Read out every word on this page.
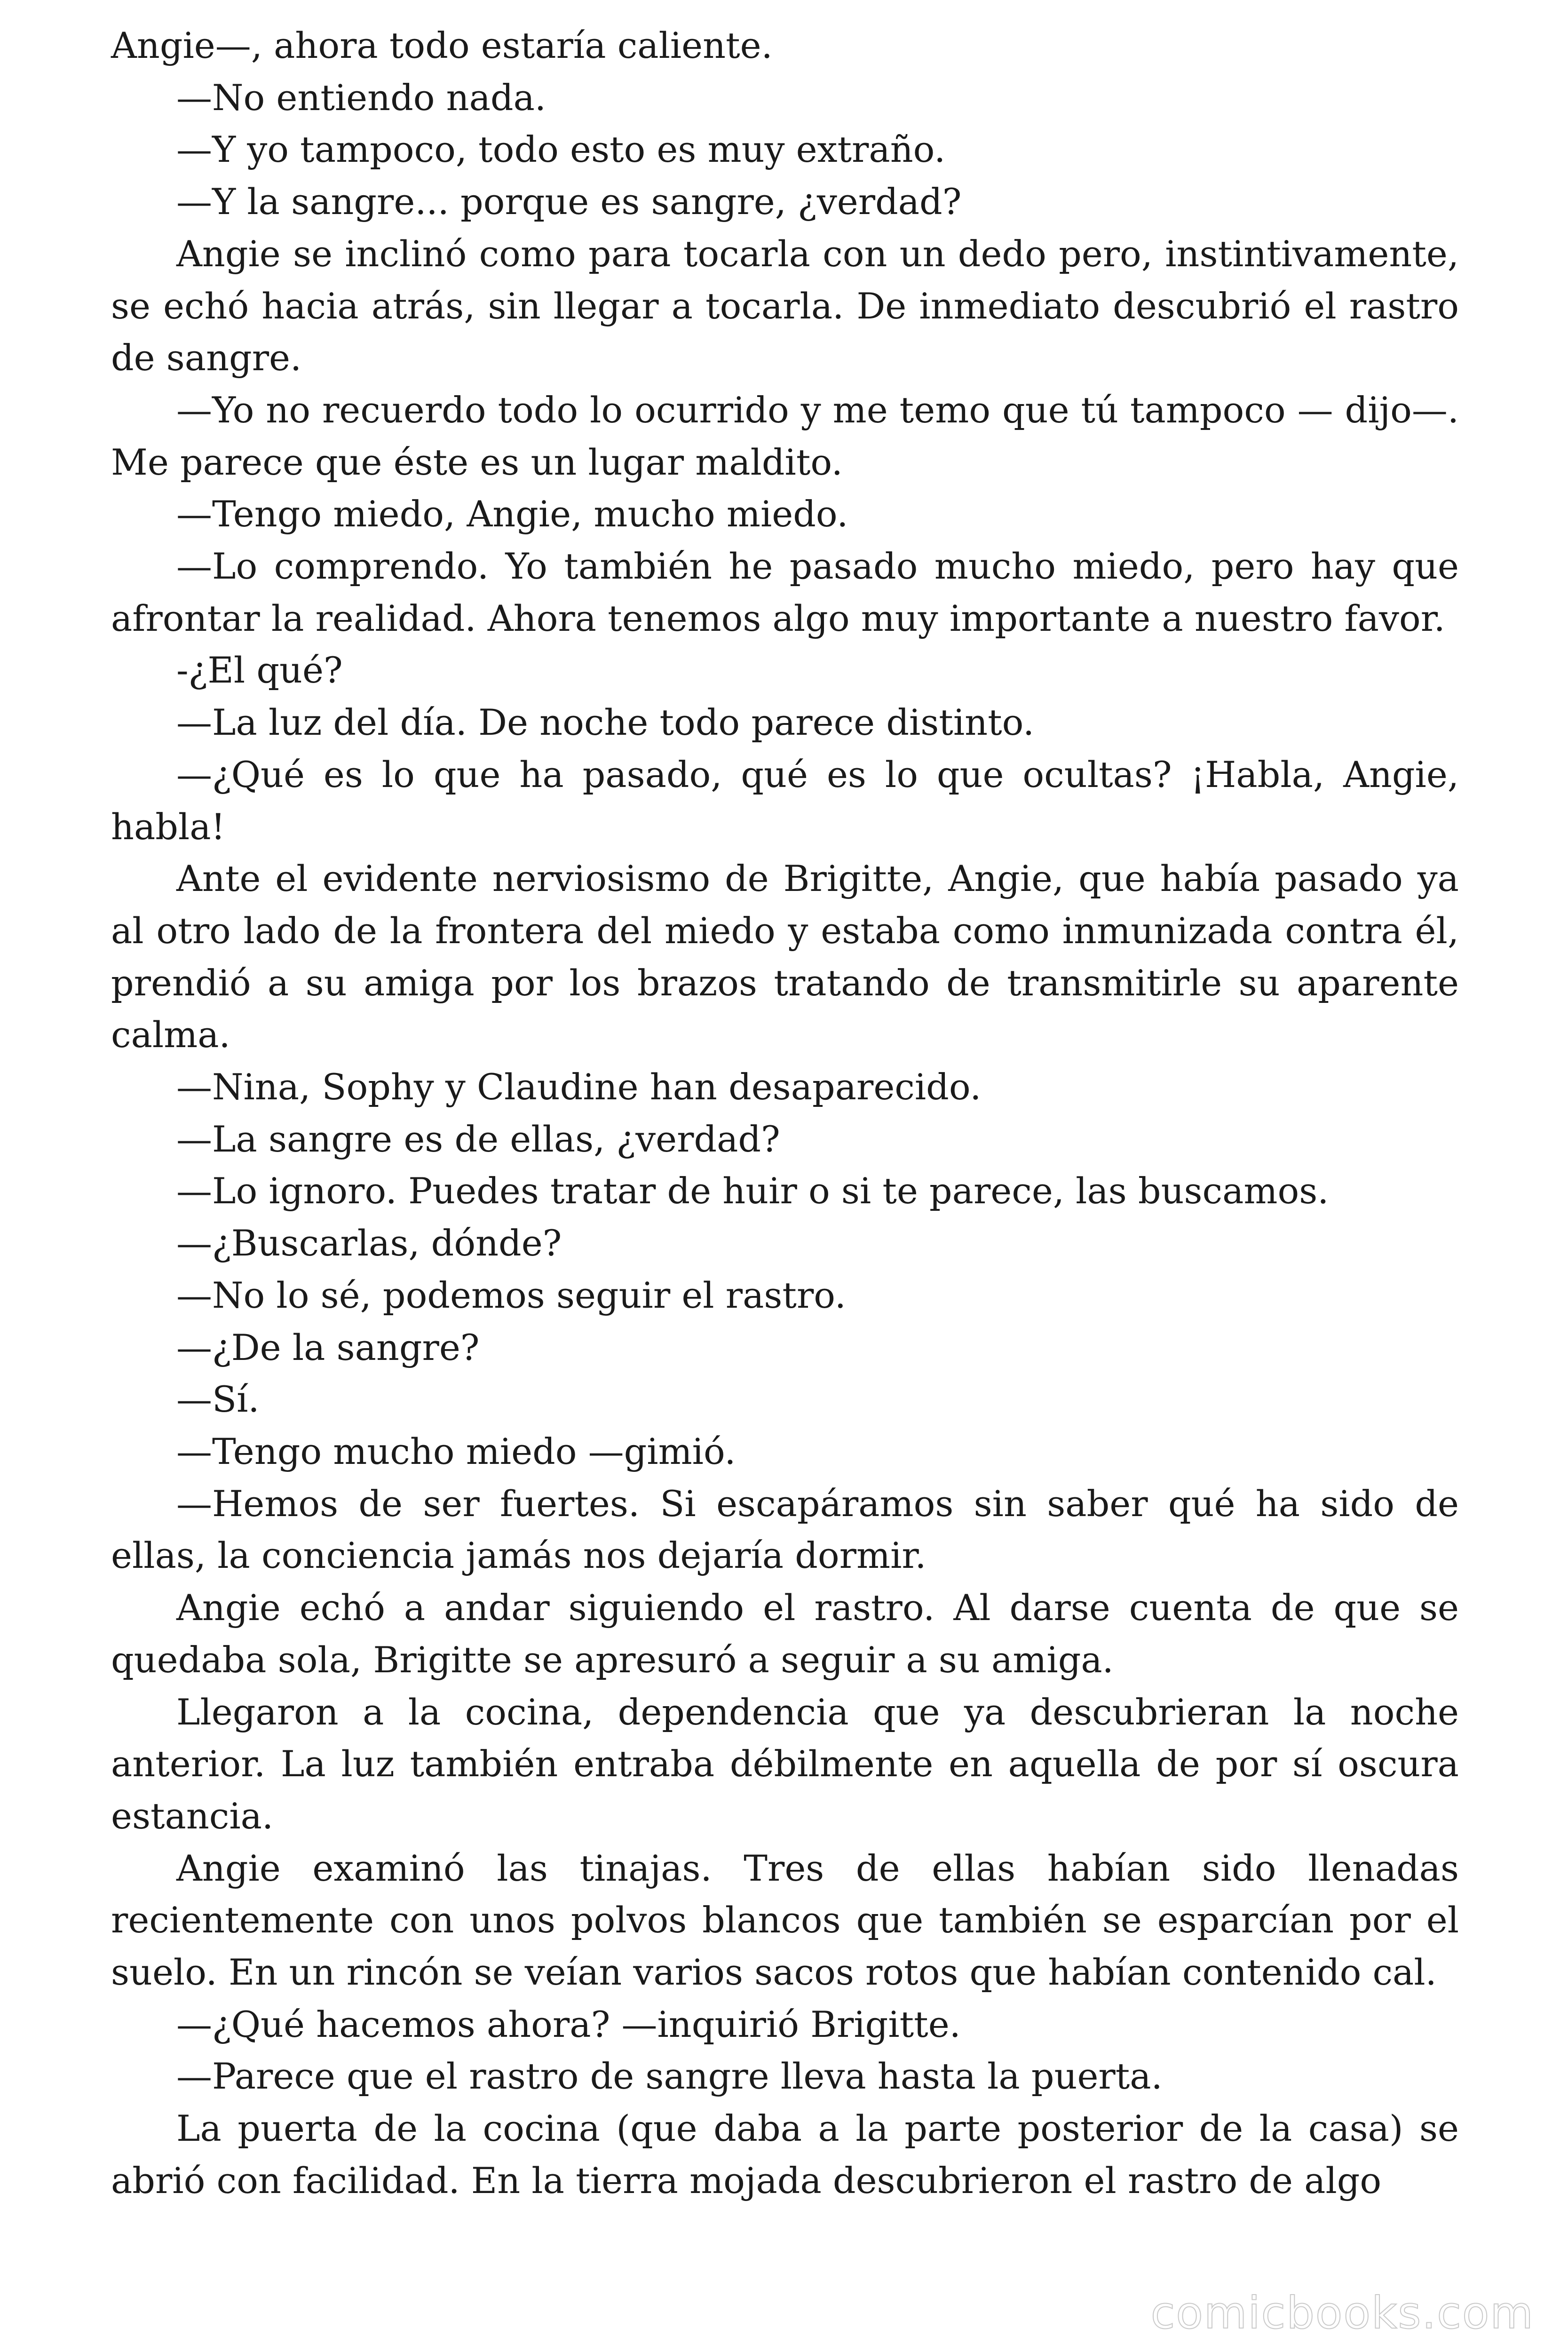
Angie—, ahora todo estaría caliente.

—No entiendo nada.

—Y yo tampoco, todo esto es muy extraño.

—Y la sangre... porque es sangre, ¿verdad?

Angie se inclinó como para tocarla con un dedo pero, instintivamente, se echó hacia atrás, sin llegar a tocarla. De inmediato descubrió el rastro de sangre.

—Yo no recuerdo todo lo ocurrido y me temo que tú tampoco — dijo—. Me parece que éste es un lugar maldito.

—Tengo miedo, Angie, mucho miedo.

—Lo comprendo. Yo también he pasado mucho miedo, pero hay que afrontar la realidad. Ahora tenemos algo muy importante a nuestro favor.

-¿El qué?

—La luz del día. De noche todo parece distinto.

—¿Qué es lo que ha pasado, qué es lo que ocultas? ¡Habla, Angie, habla!

Ante el evidente nerviosismo de Brigitte, Angie, que había pasado ya al otro lado de la frontera del miedo y estaba como inmunizada contra él, prendió a su amiga por los brazos tratando de transmitirle su aparente calma.

—Nina, Sophy y Claudine han desaparecido.

—La sangre es de ellas, ¿verdad?

—Lo ignoro. Puedes tratar de huir o si te parece, las buscamos.

—¿Buscarlas, dónde?

—No lo sé, podemos seguir el rastro.

—¿De la sangre?

—Sí.

—Tengo mucho miedo —gimió.

—Hemos de ser fuertes. Si escapáramos sin saber qué ha sido de ellas, la conciencia jamás nos dejaría dormir.

Angie echó a andar siguiendo el rastro. Al darse cuenta de que se quedaba sola, Brigitte se apresuró a seguir a su amiga.

Llegaron a la cocina, dependencia que ya descubrieran la noche anterior. La luz también entraba débilmente en aquella de por sí oscura estancia.

Angie examinó las tinajas. Tres de ellas habían sido llenadas recientemente con unos polvos blancos que también se esparcían por el suelo. En un rincón se veían varios sacos rotos que habían contenido cal.

—¿Qué hacemos ahora? —inquirió Brigitte.

—Parece que el rastro de sangre lleva hasta la puerta.

La puerta de la cocina (que daba a la parte posterior de la casa) se abrió con facilidad. En la tierra mojada descubrieron el rastro de algo

comicbooks.com
